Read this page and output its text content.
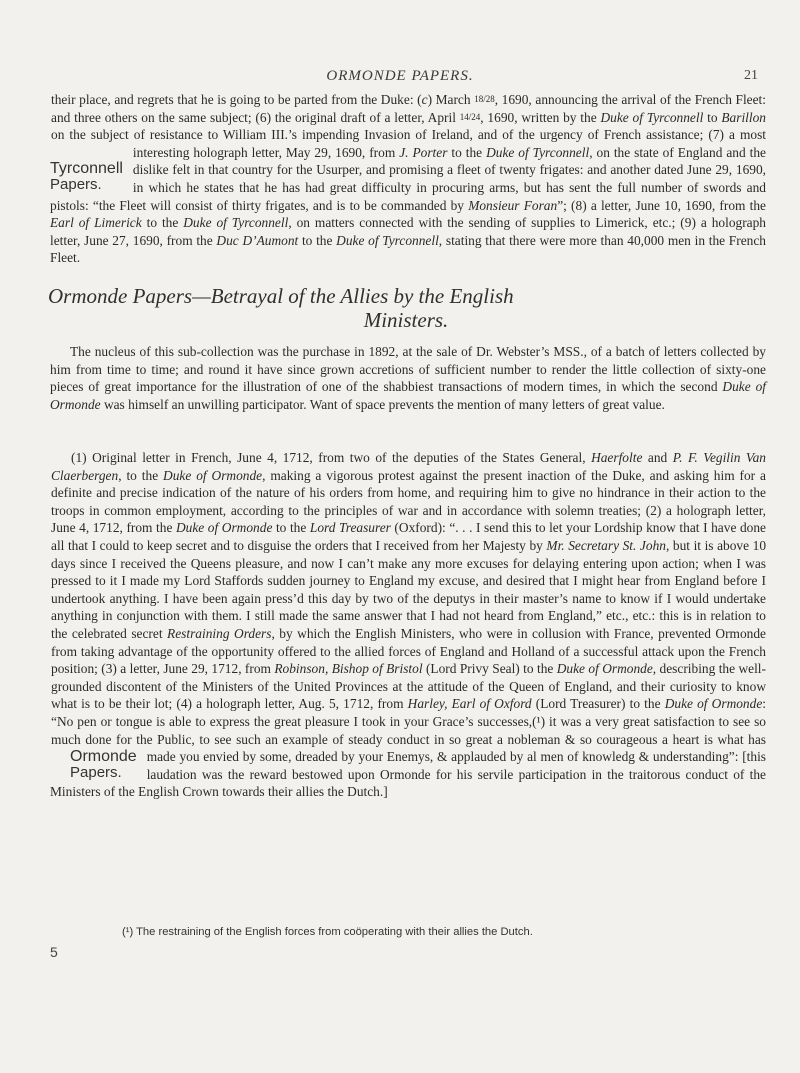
ORMONDE PAPERS.	21
Tyrconnell
Papers.
their place, and regrets that he is going to be parted from the Duke: (c) March 18/28, 1690, announcing the arrival of the French Fleet: and three others on the same subject; (6) the original draft of a letter, April 14/24, 1690, written by the Duke of Tyrconnell to Barillon on the subject of resistance to William III.’s impending Invasion of Ireland, and of the urgency of French assistance; (7) a most interesting holograph letter, May 29, 1690, from J. Porter to the Duke of Tyrconnell, on the state of England and the dislike felt in that country for the Usurper, and promising a fleet of twenty frigates: and another dated June 29, 1690, in which he states that he has had great difficulty in procuring arms, but has sent the full number of swords and pistols: “the Fleet will consist of thirty frigates, and is to be commanded by Monsieur Foran”; (8) a letter, June 10, 1690, from the Earl of Limerick to the Duke of Tyrconnell, on matters connected with the sending of supplies to Limerick, etc.; (9) a holograph letter, June 27, 1690, from the Duc D’Aumont to the Duke of Tyrconnell, stating that there were more than 40,000 men in the French Fleet.
Ormonde Papers—Betrayal of the Allies by the English
Ministers.
The nucleus of this sub-collection was the purchase in 1892, at the sale of Dr. Webster’s MSS., of a batch of letters collected by him from time to time; and round it have since grown accretions of sufficient number to render the little collection of sixty-one pieces of great importance for the illustration of one of the shabbiest transactions of modern times, in which the second Duke of Ormonde was himself an unwilling participator. Want of space prevents the mention of many letters of great value.
Ormonde
Papers.
(1) Original letter in French, June 4, 1712, from two of the deputies of the States General, Haerfolte and P. F. Vegilin Van Claerbergen, to the Duke of Ormonde, making a vigorous protest against the present inaction of the Duke, and asking him for a definite and precise indication of the nature of his orders from home, and requiring him to give no hindrance in their action to the troops in common employment, according to the principles of war and in accordance with solemn treaties; (2) a holograph letter, June 4, 1712, from the Duke of Ormonde to the Lord Treasurer (Oxford): “. . . I send this to let your Lordship know that I have done all that I could to keep secret and to disguise the orders that I received from her Majesty by Mr. Secretary St. John, but it is above 10 days since I received the Queens pleasure, and now I can’t make any more excuses for delaying entering upon action; when I was pressed to it I made my Lord Staffords sudden journey to England my excuse, and desired that I might hear from England before I undertook anything. I have been again press’d this day by two of the deputys in their master’s name to know if I would undertake anything in conjunction with them. I still made the same answer that I had not heard from England,” etc., etc.: this is in relation to the celebrated secret Restraining Orders, by which the English Ministers, who were in collusion with France, prevented Ormonde from taking advantage of the opportunity offered to the allied forces of England and Holland of a successful attack upon the French position; (3) a letter, June 29, 1712, from Robinson, Bishop of Bristol (Lord Privy Seal) to the Duke of Ormonde, describing the well-grounded discontent of the Ministers of the United Provinces at the attitude of the Queen of England, and their curiosity to know what is to be their lot; (4) a holograph letter, Aug. 5, 1712, from Harley, Earl of Oxford (Lord Treasurer) to the Duke of Ormonde: “No pen or tongue is able to express the great pleasure I took in your Grace’s successes,(¹) it was a very great satisfaction to see so much done for the Public, to see such an example of steady conduct in so great a nobleman & so courageous a heart is what has made you envied by some, dreaded by your Enemys, & applauded by al men of knowledg & understanding”: [this laudation was the reward bestowed upon Ormonde for his servile participation in the traitorous conduct of the Ministers of the English Crown towards their allies the Dutch.]
(¹) The restraining of the English forces from coöperating with their allies the Dutch.
5
